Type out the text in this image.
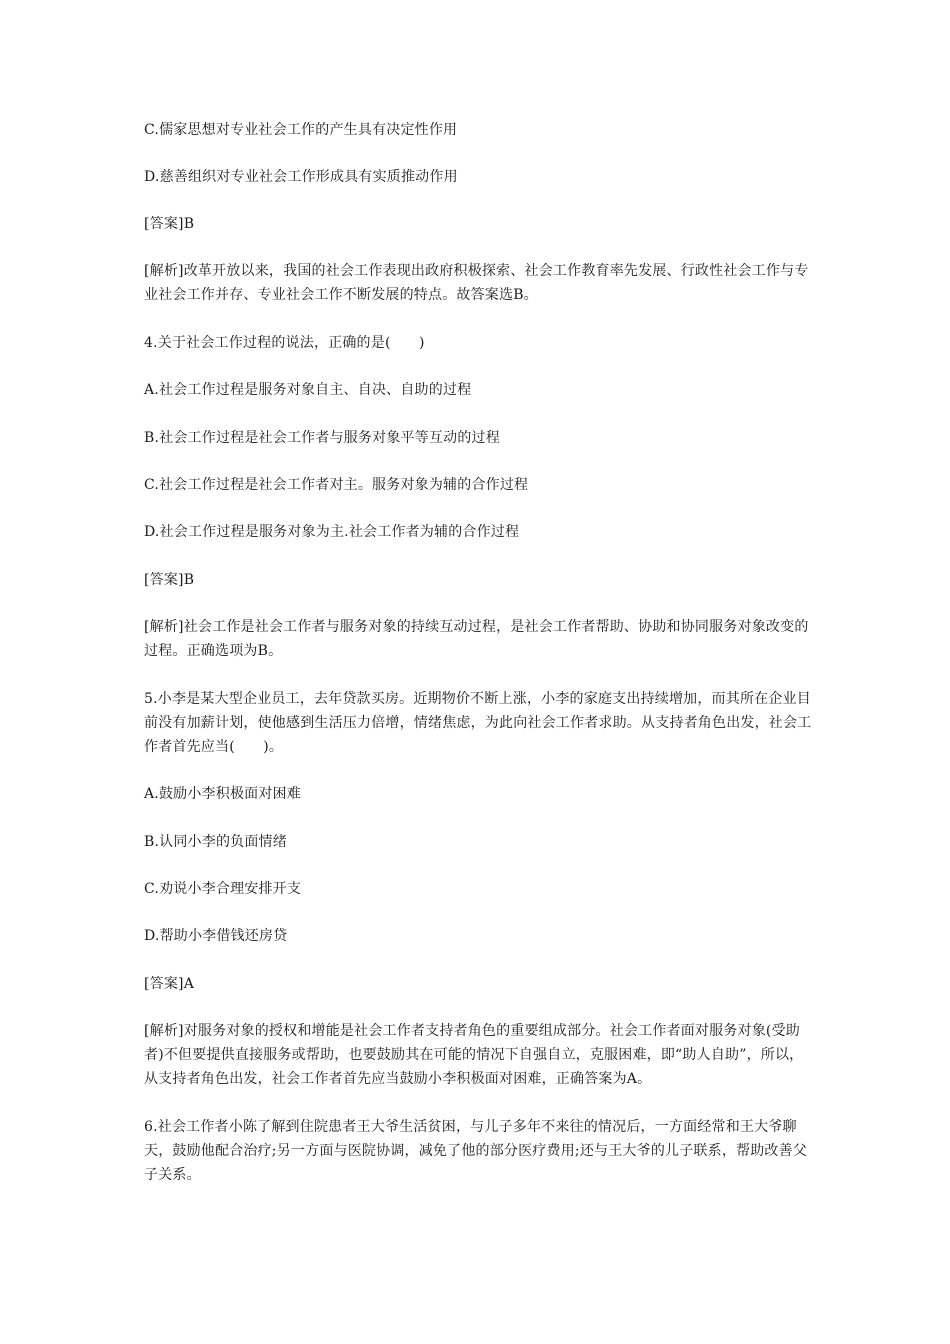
C.儒家思想对专业社会工作的产生具有决定性作用

D.慈善组织对专业社会工作形成具有实质推动作用

[答案]B

[解析]改革开放以来，我国的社会工作表现出政府积极探索、社会工作教育率先发展、行政性社会工作与专业社会工作并存、专业社会工作不断发展的特点。故答案选B。

4.关于社会工作过程的说法，正确的是(　　)

A.社会工作过程是服务对象自主、自决、自助的过程

B.社会工作过程是社会工作者与服务对象平等互动的过程

C.社会工作过程是社会工作者对主。服务对象为辅的合作过程

D.社会工作过程是服务对象为主.社会工作者为辅的合作过程

[答案]B

[解析]社会工作是社会工作者与服务对象的持续互动过程，是社会工作者帮助、协助和协同服务对象改变的过程。正确选项为B。

5.小李是某大型企业员工，去年贷款买房。近期物价不断上涨，小李的家庭支出持续增加，而其所在企业目前没有加薪计划，使他感到生活压力倍增，情绪焦虑，为此向社会工作者求助。从支持者角色出发，社会工作者首先应当(　　)。

A.鼓励小李积极面对困难

B.认同小李的负面情绪

C.劝说小李合理安排开支

D.帮助小李借钱还房贷

[答案]A

[解析]对服务对象的授权和增能是社会工作者支持者角色的重要组成部分。社会工作者面对服务对象(受助者)不但要提供直接服务或帮助，也要鼓励其在可能的情况下自强自立，克服困难，即“助人自助”，所以，从支持者角色出发，社会工作者首先应当鼓励小李积极面对困难，正确答案为A。

6.社会工作者小陈了解到住院患者王大爷生活贫困，与儿子多年不来往的情况后，一方面经常和王大爷聊天，鼓励他配合治疗;另一方面与医院协调，减免了他的部分医疗费用;还与王大爷的儿子联系，帮助改善父子关系。
